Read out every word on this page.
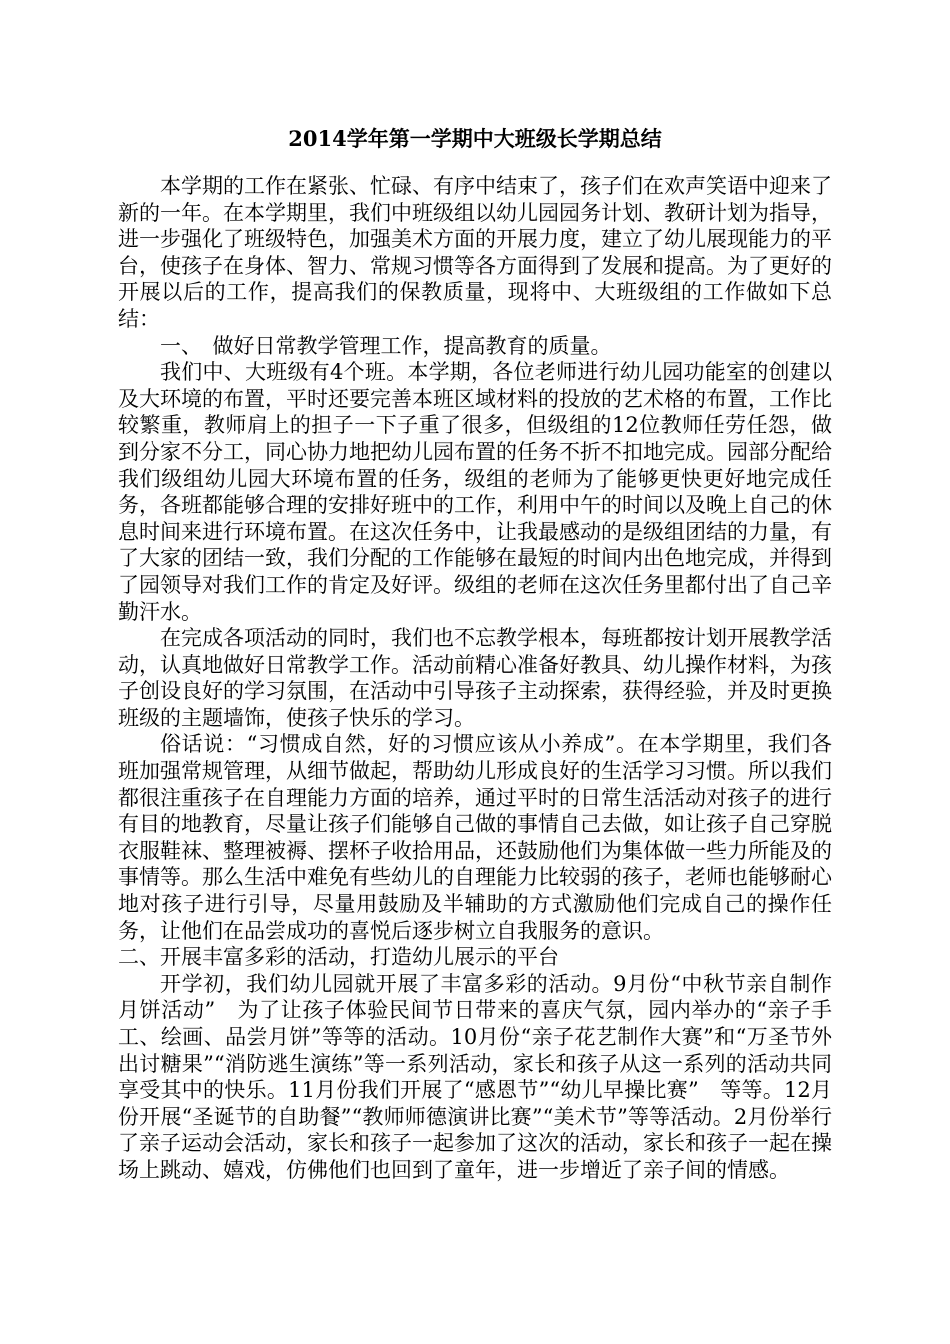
2014学年第一学期中大班级长学期总结

本学期的工作在紧张、忙碌、有序中结束了，孩子们在欢声笑语中迎来了新的一年。在本学期里，我们中班级组以幼儿园园务计划、教研计划为指导，进一步强化了班级特色，加强美术方面的开展力度，建立了幼儿展现能力的平台，使孩子在身体、智力、常规习惯等各方面得到了发展和提高。为了更好的开展以后的工作，提高我们的保教质量，现将中、大班级组的工作做如下总结：

一、　做好日常教学管理工作，提高教育的质量。

我们中、大班级有4个班。本学期，各位老师进行幼儿园功能室的创建以及大环境的布置，平时还要完善本班区域材料的投放的艺术格的布置，工作比较繁重，教师肩上的担子一下子重了很多，但级组的12位教师任劳任怨，做到分家不分工，同心协力地把幼儿园布置的任务不折不扣地完成。园部分配给我们级组幼儿园大环境布置的任务，级组的老师为了能够更快更好地完成任务，各班都能够合理的安排好班中的工作，利用中午的时间以及晚上自己的休息时间来进行环境布置。在这次任务中，让我最感动的是级组团结的力量，有了大家的团结一致，我们分配的工作能够在最短的时间内出色地完成，并得到了园领导对我们工作的肯定及好评。级组的老师在这次任务里都付出了自己辛勤汗水。

在完成各项活动的同时，我们也不忘教学根本，每班都按计划开展教学活动，认真地做好日常教学工作。活动前精心准备好教具、幼儿操作材料，为孩子创设良好的学习氛围，在活动中引导孩子主动探索，获得经验，并及时更换班级的主题墙饰，使孩子快乐的学习。

俗话说：“习惯成自然，好的习惯应该从小养成”。在本学期里，我们各班加强常规管理，从细节做起，帮助幼儿形成良好的生活学习习惯。所以我们都很注重孩子在自理能力方面的培养，通过平时的日常生活活动对孩子的进行有目的地教育，尽量让孩子们能够自己做的事情自己去做，如让孩子自己穿脱衣服鞋袜、整理被褥、摆杯子收拾用品，还鼓励他们为集体做一些力所能及的事情等。那么生活中难免有些幼儿的自理能力比较弱的孩子，老师也能够耐心地对孩子进行引导，尽量用鼓励及半辅助的方式激励他们完成自己的操作任务，让他们在品尝成功的喜悦后逐步树立自我服务的意识。

二、开展丰富多彩的活动，打造幼儿展示的平台

开学初，我们幼儿园就开展了丰富多彩的活动。9月份“中秋节亲自制作月饼活动”　为了让孩子体验民间节日带来的喜庆气氛，园内举办的“亲子手工、绘画、品尝月饼”等等的活动。10月份“亲子花艺制作大赛”和“万圣节外出讨糖果”“消防逃生演练”等一系列活动，家长和孩子从这一系列的活动共同享受其中的快乐。11月份我们开展了“感恩节”“幼儿早操比赛”　等等。12月份开展“圣诞节的自助餐”“教师师德演讲比赛”“美术节”等等活动。2月份举行了亲子运动会活动，家长和孩子一起参加了这次的活动，家长和孩子一起在操场上跳动、嬉戏，仿佛他们也回到了童年，进一步增近了亲子间的情感。
